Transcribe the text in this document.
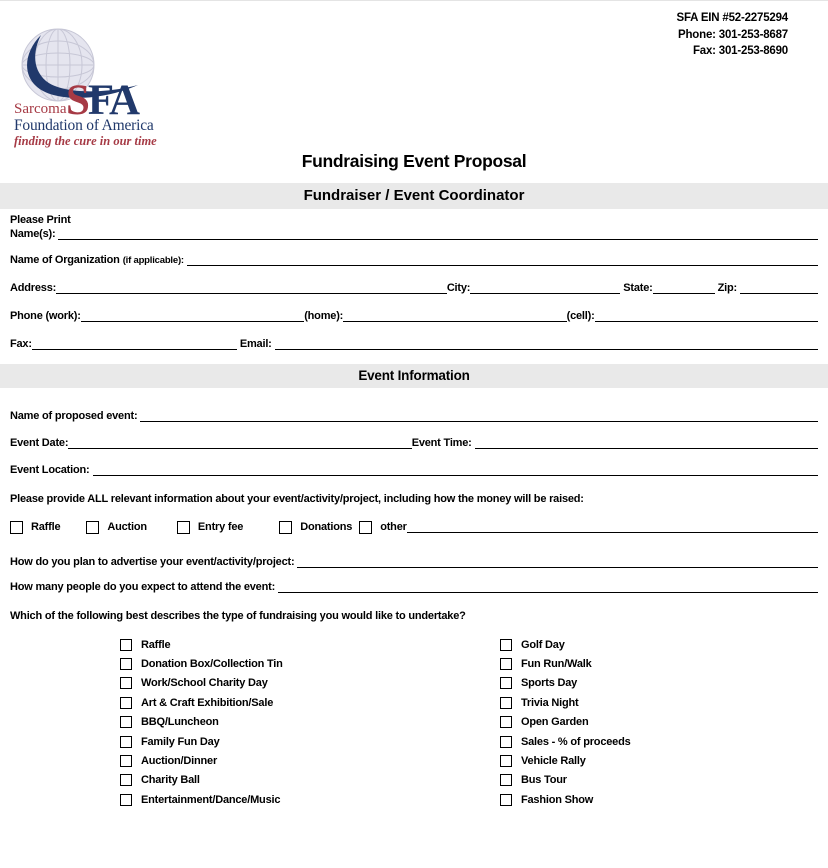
SFA
Sarcoma
Foundation of America
finding the cure in our time
SFA EIN #52-2275294
Phone: 301-253-8687
Fax: 301-253-8690
Fundraising Event Proposal
Fundraiser / Event Coordinator
Please Print
Name(s):
Name of Organization (if applicable):
Address:	City:	State:	Zip:
Phone (work):	(home):	(cell):
Fax:	Email:
Event Information
Name of proposed event:
Event Date:	Event Time:
Event Location:
Please provide ALL relevant information about your event/activity/project, including how the money will be raised:
Raffle	Auction	Entry fee	Donations	other
How do you plan to advertise your event/activity/project:
How many people do you expect to attend the event:
Which of the following best describes the type of fundraising you would like to undertake?
Raffle
Donation Box/Collection Tin
Work/School Charity Day
Art & Craft Exhibition/Sale
BBQ/Luncheon
Family Fun Day
Auction/Dinner
Charity Ball
Entertainment/Dance/Music
Golf Day
Fun Run/Walk
Sports Day
Trivia Night
Open Garden
Sales - % of proceeds
Vehicle Rally
Bus Tour
Fashion Show
